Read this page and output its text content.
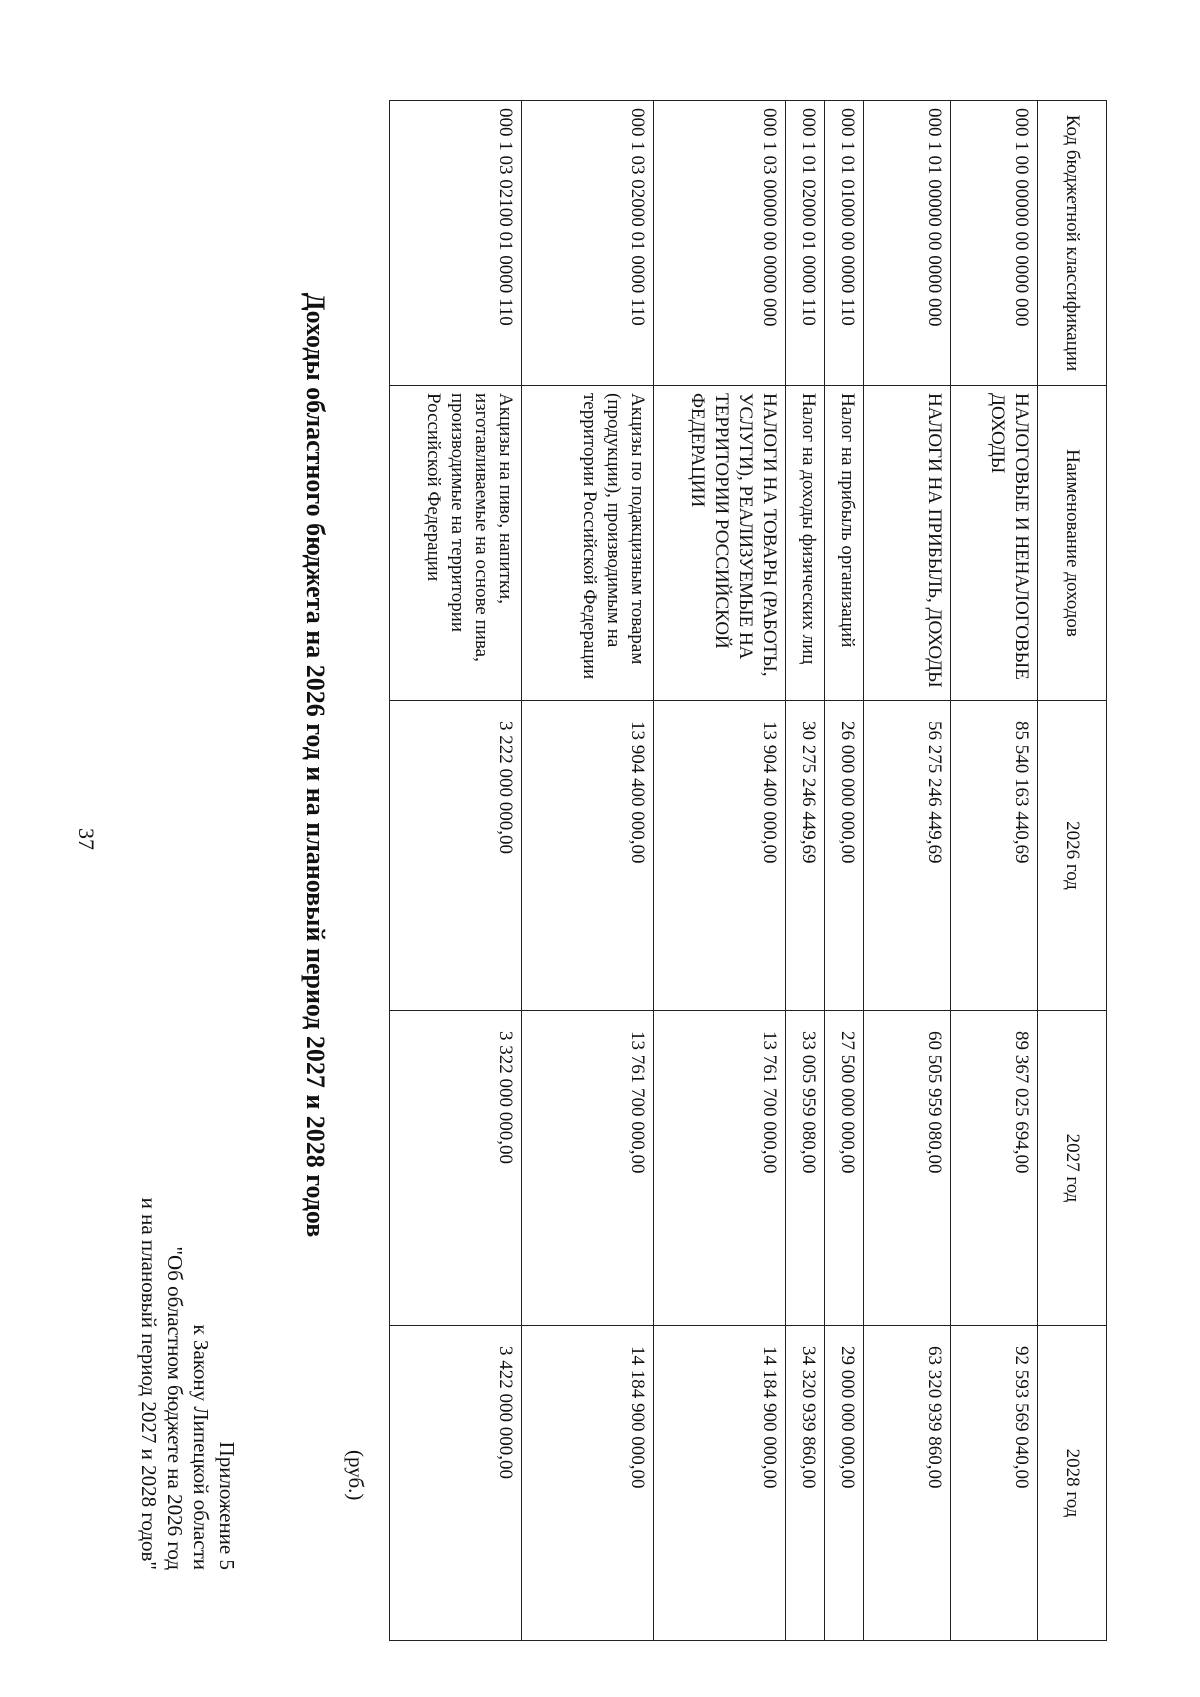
37
Приложение 5
к Закону Липецкой области
"Об областном бюджете на 2026 год
и на плановый период 2027 и 2028 годов"
Доходы областного бюджета на 2026 год и на плановый период 2027 и 2028 годов
(руб.)
Код бюджетной классификации	Наименование доходов	2026 год	2027 год	2028 год
000 1 00 00000 00 0000 000	НАЛОГОВЫЕ И НЕНАЛОГОВЫЕ ДОХОДЫ	85 540 163 440,69	89 367 025 694,00	92 593 569 040,00
000 1 01 00000 00 0000 000	НАЛОГИ НА ПРИБЫЛЬ, ДОХОДЫ	56 275 246 449,69	60 505 959 080,00	63 320 939 860,00
000 1 01 01000 00 0000 110	Налог на прибыль организаций	26 000 000 000,00	27 500 000 000,00	29 000 000 000,00
000 1 01 02000 01 0000 110	Налог на доходы физических лиц	30 275 246 449,69	33 005 959 080,00	34 320 939 860,00
000 1 03 00000 00 0000 000	НАЛОГИ НА ТОВАРЫ (РАБОТЫ, УСЛУГИ), РЕАЛИЗУЕМЫЕ НА ТЕРРИТОРИИ РОССИЙСКОЙ ФЕДЕРАЦИИ	13 904 400 000,00	13 761 700 000,00	14 184 900 000,00
000 1 03 02000 01 0000 110	Акцизы по подакцизным товарам (продукции), производимым на территории Российской Федерации	13 904 400 000,00	13 761 700 000,00	14 184 900 000,00
000 1 03 02100 01 0000 110	Акцизы на пиво, напитки, изготавливаемые на основе пива, производимые на территории Российской Федерации	3 222 000 000,00	3 322 000 000,00	3 422 000 000,00
